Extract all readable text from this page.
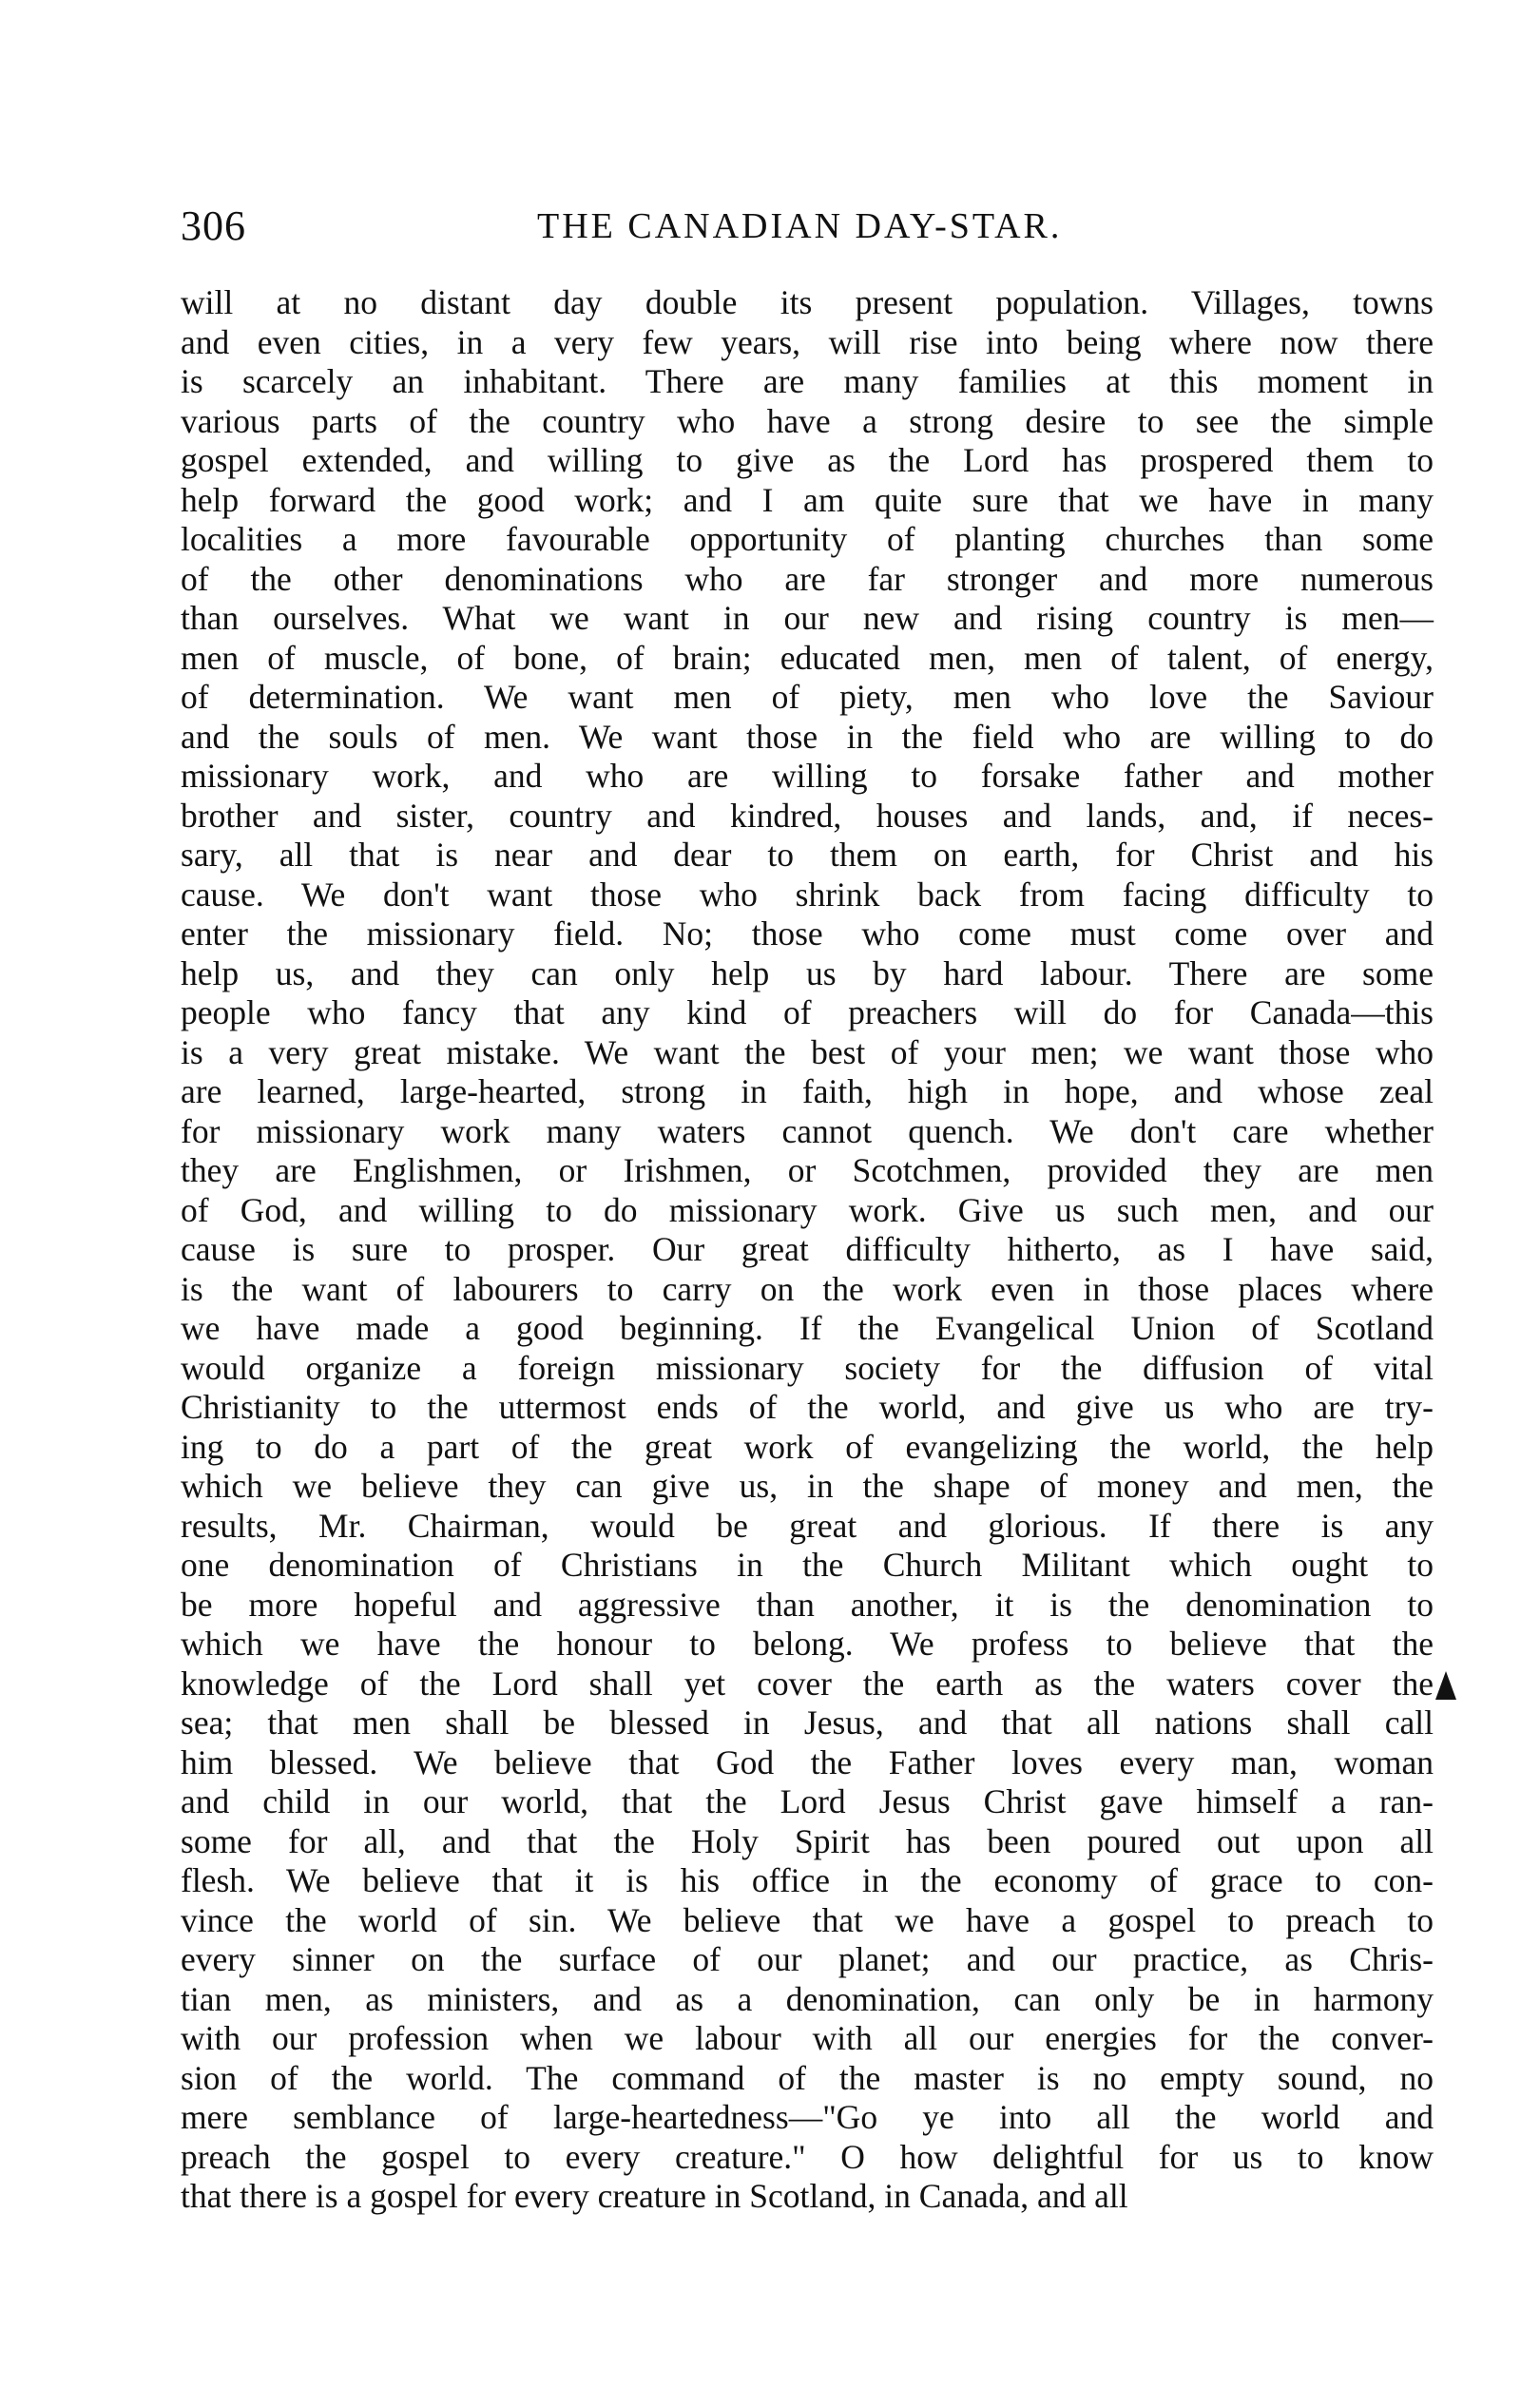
306	THE CANADIAN DAY-STAR.
will at no distant day double its present population. Villages, towns
and even cities, in a very few years, will rise into being where now there
is scarcely an inhabitant. There are many families at this moment in
various parts of the country who have a strong desire to see the simple
gospel extended, and willing to give as the Lord has prospered them to
help forward the good work; and I am quite sure that we have in many
localities a more favourable opportunity of planting churches than some
of the other denominations who are far stronger and more numerous
than ourselves. What we want in our new and rising country is men—
men of muscle, of bone, of brain; educated men, men of talent, of energy,
of determination. We want men of piety, men who love the Saviour
and the souls of men. We want those in the field who are willing to do
missionary work, and who are willing to forsake father and mother
brother and sister, country and kindred, houses and lands, and, if neces-
sary, all that is near and dear to them on earth, for Christ and his
cause. We don't want those who shrink back from facing difficulty to
enter the missionary field. No; those who come must come over and
help us, and they can only help us by hard labour. There are some
people who fancy that any kind of preachers will do for Canada—this
is a very great mistake. We want the best of your men; we want those who
are learned, large-hearted, strong in faith, high in hope, and whose zeal
for missionary work many waters cannot quench. We don't care whether
they are Englishmen, or Irishmen, or Scotchmen, provided they are men
of God, and willing to do missionary work. Give us such men, and our
cause is sure to prosper. Our great difficulty hitherto, as I have said,
is the want of labourers to carry on the work even in those places where
we have made a good beginning. If the Evangelical Union of Scotland
would organize a foreign missionary society for the diffusion of vital
Christianity to the uttermost ends of the world, and give us who are try-
ing to do a part of the great work of evangelizing the world, the help
which we believe they can give us, in the shape of money and men, the
results, Mr. Chairman, would be great and glorious. If there is any
one denomination of Christians in the Church Militant which ought to
be more hopeful and aggressive than another, it is the denomination to
which we have the honour to belong. We profess to believe that the
knowledge of the Lord shall yet cover the earth as the waters cover the
sea; that men shall be blessed in Jesus, and that all nations shall call
him blessed. We believe that God the Father loves every man, woman
and child in our world, that the Lord Jesus Christ gave himself a ran-
some for all, and that the Holy Spirit has been poured out upon all
flesh. We believe that it is his office in the economy of grace to con-
vince the world of sin. We believe that we have a gospel to preach to
every sinner on the surface of our planet; and our practice, as Chris-
tian men, as ministers, and as a denomination, can only be in harmony
with our profession when we labour with all our energies for the conver-
sion of the world. The command of the master is no empty sound, no
mere semblance of large-heartedness—"Go ye into all the world and
preach the gospel to every creature." O how delightful for us to know
that there is a gospel for every creature in Scotland, in Canada, and all
